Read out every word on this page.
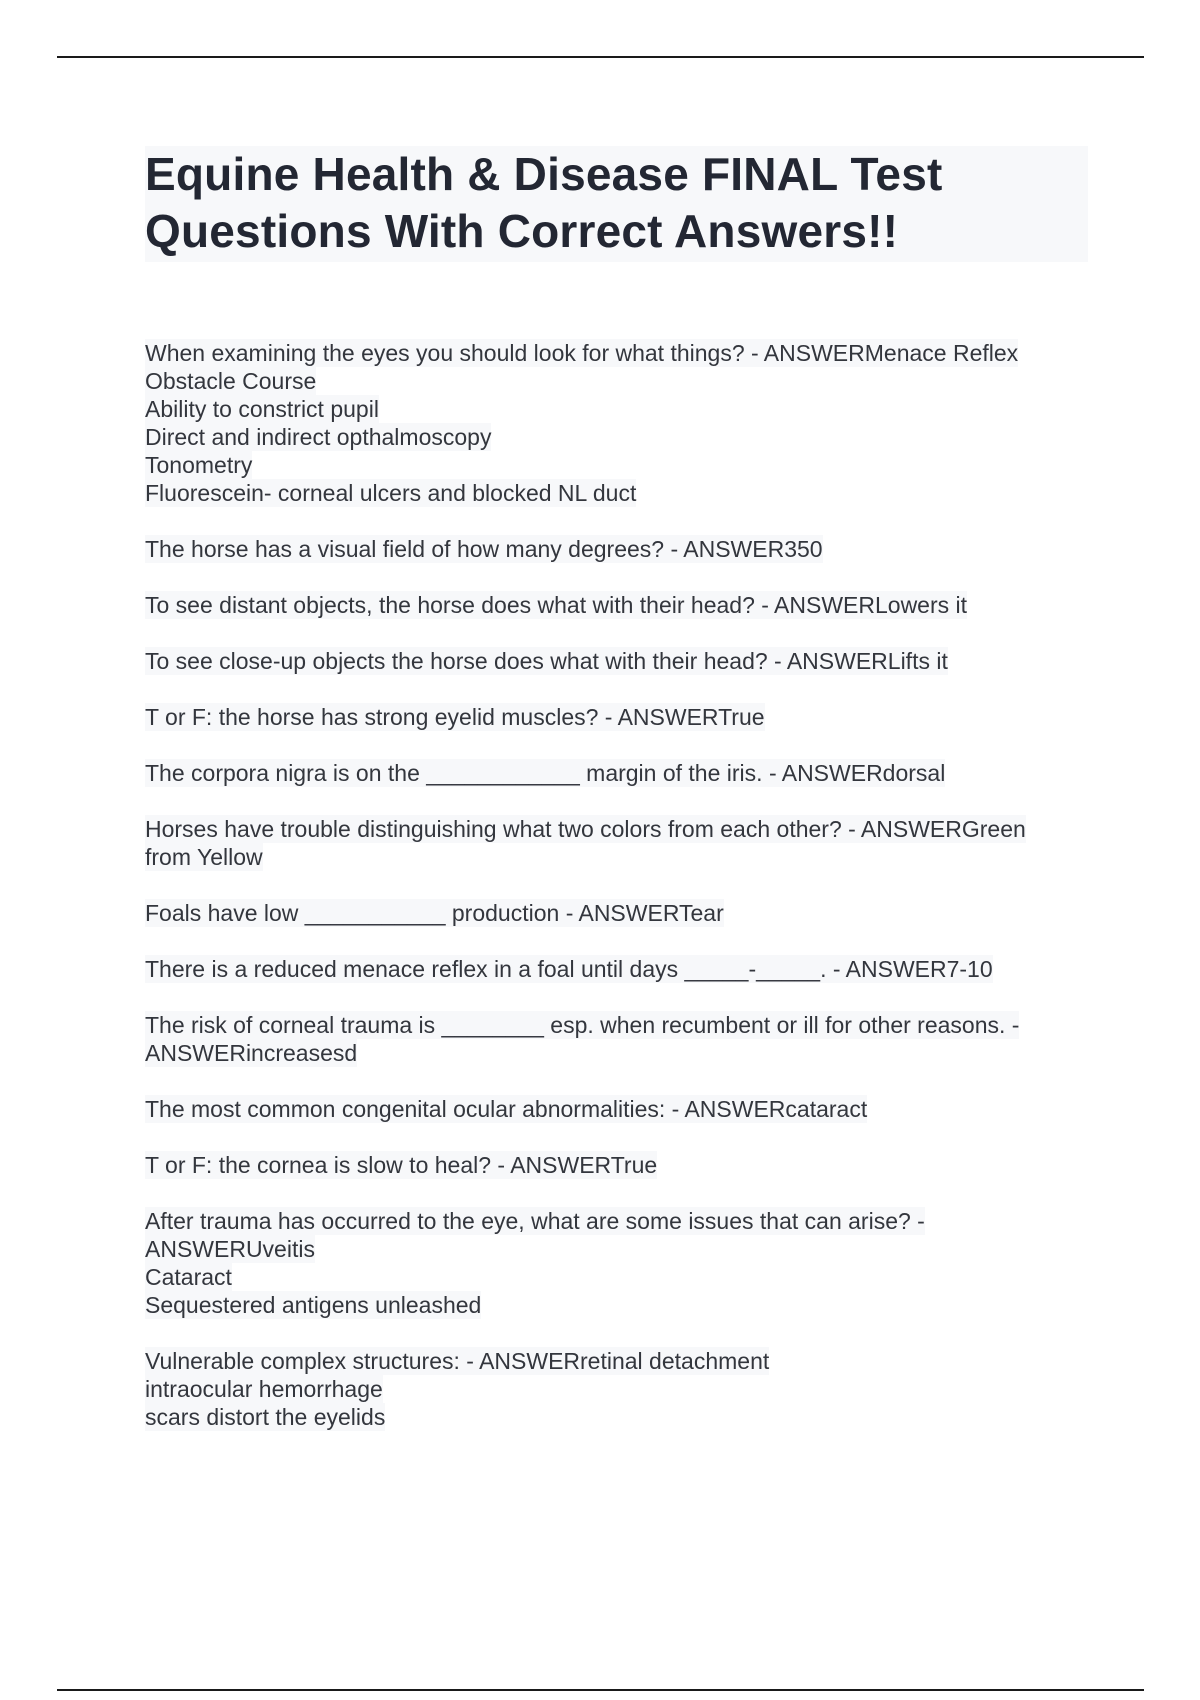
Equine Health & Disease FINAL Test
Questions With Correct Answers!!
When examining the eyes you should look for what things? - ANSWERMenace Reflex
Obstacle Course
Ability to constrict pupil
Direct and indirect opthalmoscopy
Tonometry
Fluorescein- corneal ulcers and blocked NL duct
The horse has a visual field of how many degrees? - ANSWER350
To see distant objects, the horse does what with their head? - ANSWERLowers it
To see close-up objects the horse does what with their head? - ANSWERLifts it
T or F: the horse has strong eyelid muscles? - ANSWERTrue
The corpora nigra is on the ____________ margin of the iris. - ANSWERdorsal
Horses have trouble distinguishing what two colors from each other? - ANSWERGreen
from Yellow
Foals have low ___________ production - ANSWERTear
There is a reduced menace reflex in a foal until days _____-_____. - ANSWER7-10
The risk of corneal trauma is ________ esp. when recumbent or ill for other reasons. -
ANSWERincreasesd
The most common congenital ocular abnormalities: - ANSWERcataract
T or F: the cornea is slow to heal? - ANSWERTrue
After trauma has occurred to the eye, what are some issues that can arise? -
ANSWERUveitis
Cataract
Sequestered antigens unleashed
Vulnerable complex structures: - ANSWERretinal detachment
intraocular hemorrhage
scars distort the eyelids
